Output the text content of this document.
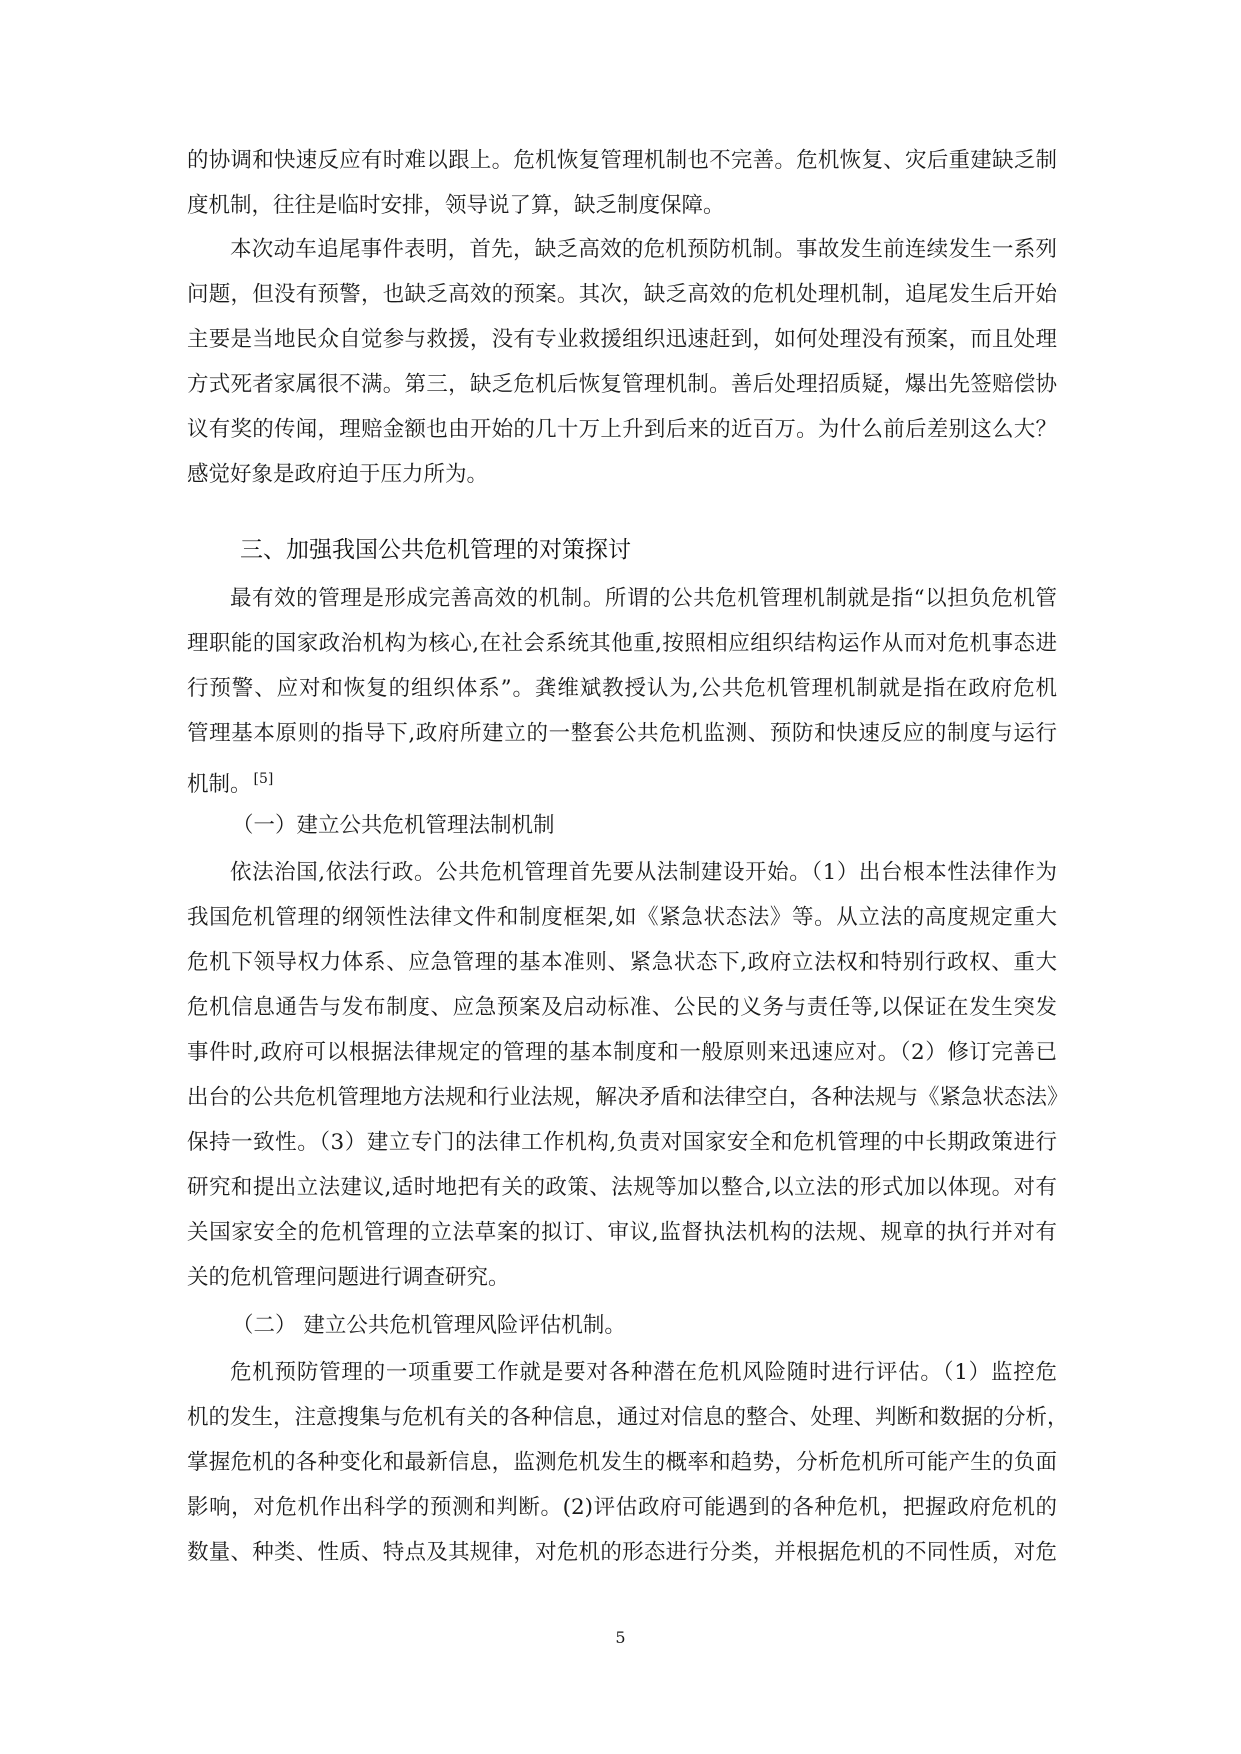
的协调和快速反应有时难以跟上。危机恢复管理机制也不完善。危机恢复、灾后重建缺乏制
度机制，往往是临时安排，领导说了算，缺乏制度保障。
本次动车追尾事件表明，首先，缺乏高效的危机预防机制。事故发生前连续发生一系列
问题，但没有预警，也缺乏高效的预案。其次，缺乏高效的危机处理机制，追尾发生后开始
主要是当地民众自觉参与救援，没有专业救援组织迅速赶到，如何处理没有预案，而且处理
方式死者家属很不满。第三，缺乏危机后恢复管理机制。善后处理招质疑，爆出先签赔偿协
议有奖的传闻，理赔金额也由开始的几十万上升到后来的近百万。为什么前后差别这么大？
感觉好象是政府迫于压力所为。
三、加强我国公共危机管理的对策探讨
最有效的管理是形成完善高效的机制。所谓的公共危机管理机制就是指“以担负危机管
理职能的国家政治机构为核心,在社会系统其他重,按照相应组织结构运作从而对危机事态进
行预警、应对和恢复的组织体系”。龚维斌教授认为,公共危机管理机制就是指在政府危机
管理基本原则的指导下,政府所建立的一整套公共危机监测、预防和快速反应的制度与运行
机制。 [5]
（一）建立公共危机管理法制机制
依法治国,依法行政。公共危机管理首先要从法制建设开始。（1）出台根本性法律作为
我国危机管理的纲领性法律文件和制度框架,如《紧急状态法》等。从立法的高度规定重大
危机下领导权力体系、应急管理的基本准则、紧急状态下,政府立法权和特别行政权、重大
危机信息通告与发布制度、应急预案及启动标准、公民的义务与责任等,以保证在发生突发
事件时,政府可以根据法律规定的管理的基本制度和一般原则来迅速应对。（2）修订完善已
出台的公共危机管理地方法规和行业法规，解决矛盾和法律空白，各种法规与《紧急状态法》
保持一致性。（3）建立专门的法律工作机构,负责对国家安全和危机管理的中长期政策进行
研究和提出立法建议,适时地把有关的政策、法规等加以整合,以立法的形式加以体现。对有
关国家安全的危机管理的立法草案的拟订、审议,监督执法机构的法规、规章的执行并对有
关的危机管理问题进行调查研究。
（二） 建立公共危机管理风险评估机制。
危机预防管理的一项重要工作就是要对各种潜在危机风险随时进行评估。（1）监控危
机的发生，注意搜集与危机有关的各种信息，通过对信息的整合、处理、判断和数据的分析，
掌握危机的各种变化和最新信息，监测危机发生的概率和趋势，分析危机所可能产生的负面
影响，对危机作出科学的预测和判断。(2)评估政府可能遇到的各种危机，把握政府危机的
数量、种类、性质、特点及其规律，对危机的形态进行分类，并根据危机的不同性质，对危
5
